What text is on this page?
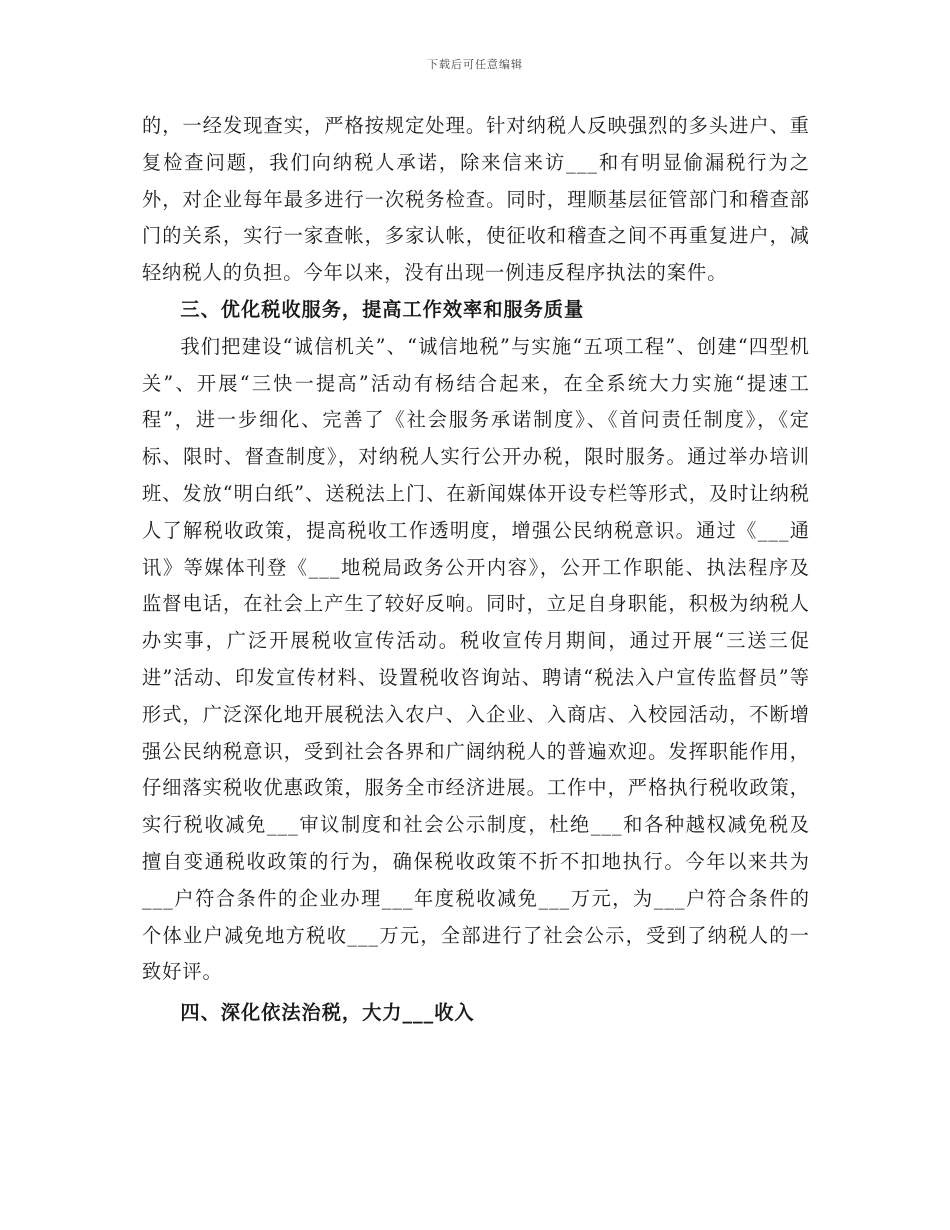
下载后可任意编辑

的，一经发现查实，严格按规定处理。针对纳税人反映强烈的多头进户、重复检查问题，我们向纳税人承诺，除来信来访___和有明显偷漏税行为之外，对企业每年最多进行一次税务检查。同时，理顺基层征管部门和稽查部门的关系，实行一家查帐，多家认帐，使征收和稽查之间不再重复进户，减轻纳税人的负担。今年以来，没有出现一例违反程序执法的案件。

三、优化税收服务，提高工作效率和服务质量

我们把建设“诚信机关”、“诚信地税”与实施“五项工程”、创建“四型机关”、开展“三快一提高”活动有杨结合起来，在全系统大力实施“提速工程”，进一步细化、完善了《社会服务承诺制度》、《首问责任制度》，《定标、限时、督查制度》，对纳税人实行公开办税，限时服务。通过举办培训班、发放“明白纸”、送税法上门、在新闻媒体开设专栏等形式，及时让纳税人了解税收政策，提高税收工作透明度，增强公民纳税意识。通过《___通讯》等媒体刊登《___地税局政务公开内容》，公开工作职能、执法程序及监督电话，在社会上产生了较好反响。同时，立足自身职能，积极为纳税人办实事，广泛开展税收宣传活动。税收宣传月期间，通过开展“三送三促进”活动、印发宣传材料、设置税收咨询站、聘请“税法入户宣传监督员”等形式，广泛深化地开展税法入农户、入企业、入商店、入校园活动，不断增强公民纳税意识，受到社会各界和广阔纳税人的普遍欢迎。发挥职能作用，仔细落实税收优惠政策，服务全市经济进展。工作中，严格执行税收政策，实行税收减免___审议制度和社会公示制度，杜绝___和各种越权减免税及擅自变通税收政策的行为，确保税收政策不折不扣地执行。今年以来共为___户符合条件的企业办理___年度税收减免___万元，为___户符合条件的个体业户减免地方税收___万元，全部进行了社会公示，受到了纳税人的一致好评。

四、深化依法治税，大力___收入
